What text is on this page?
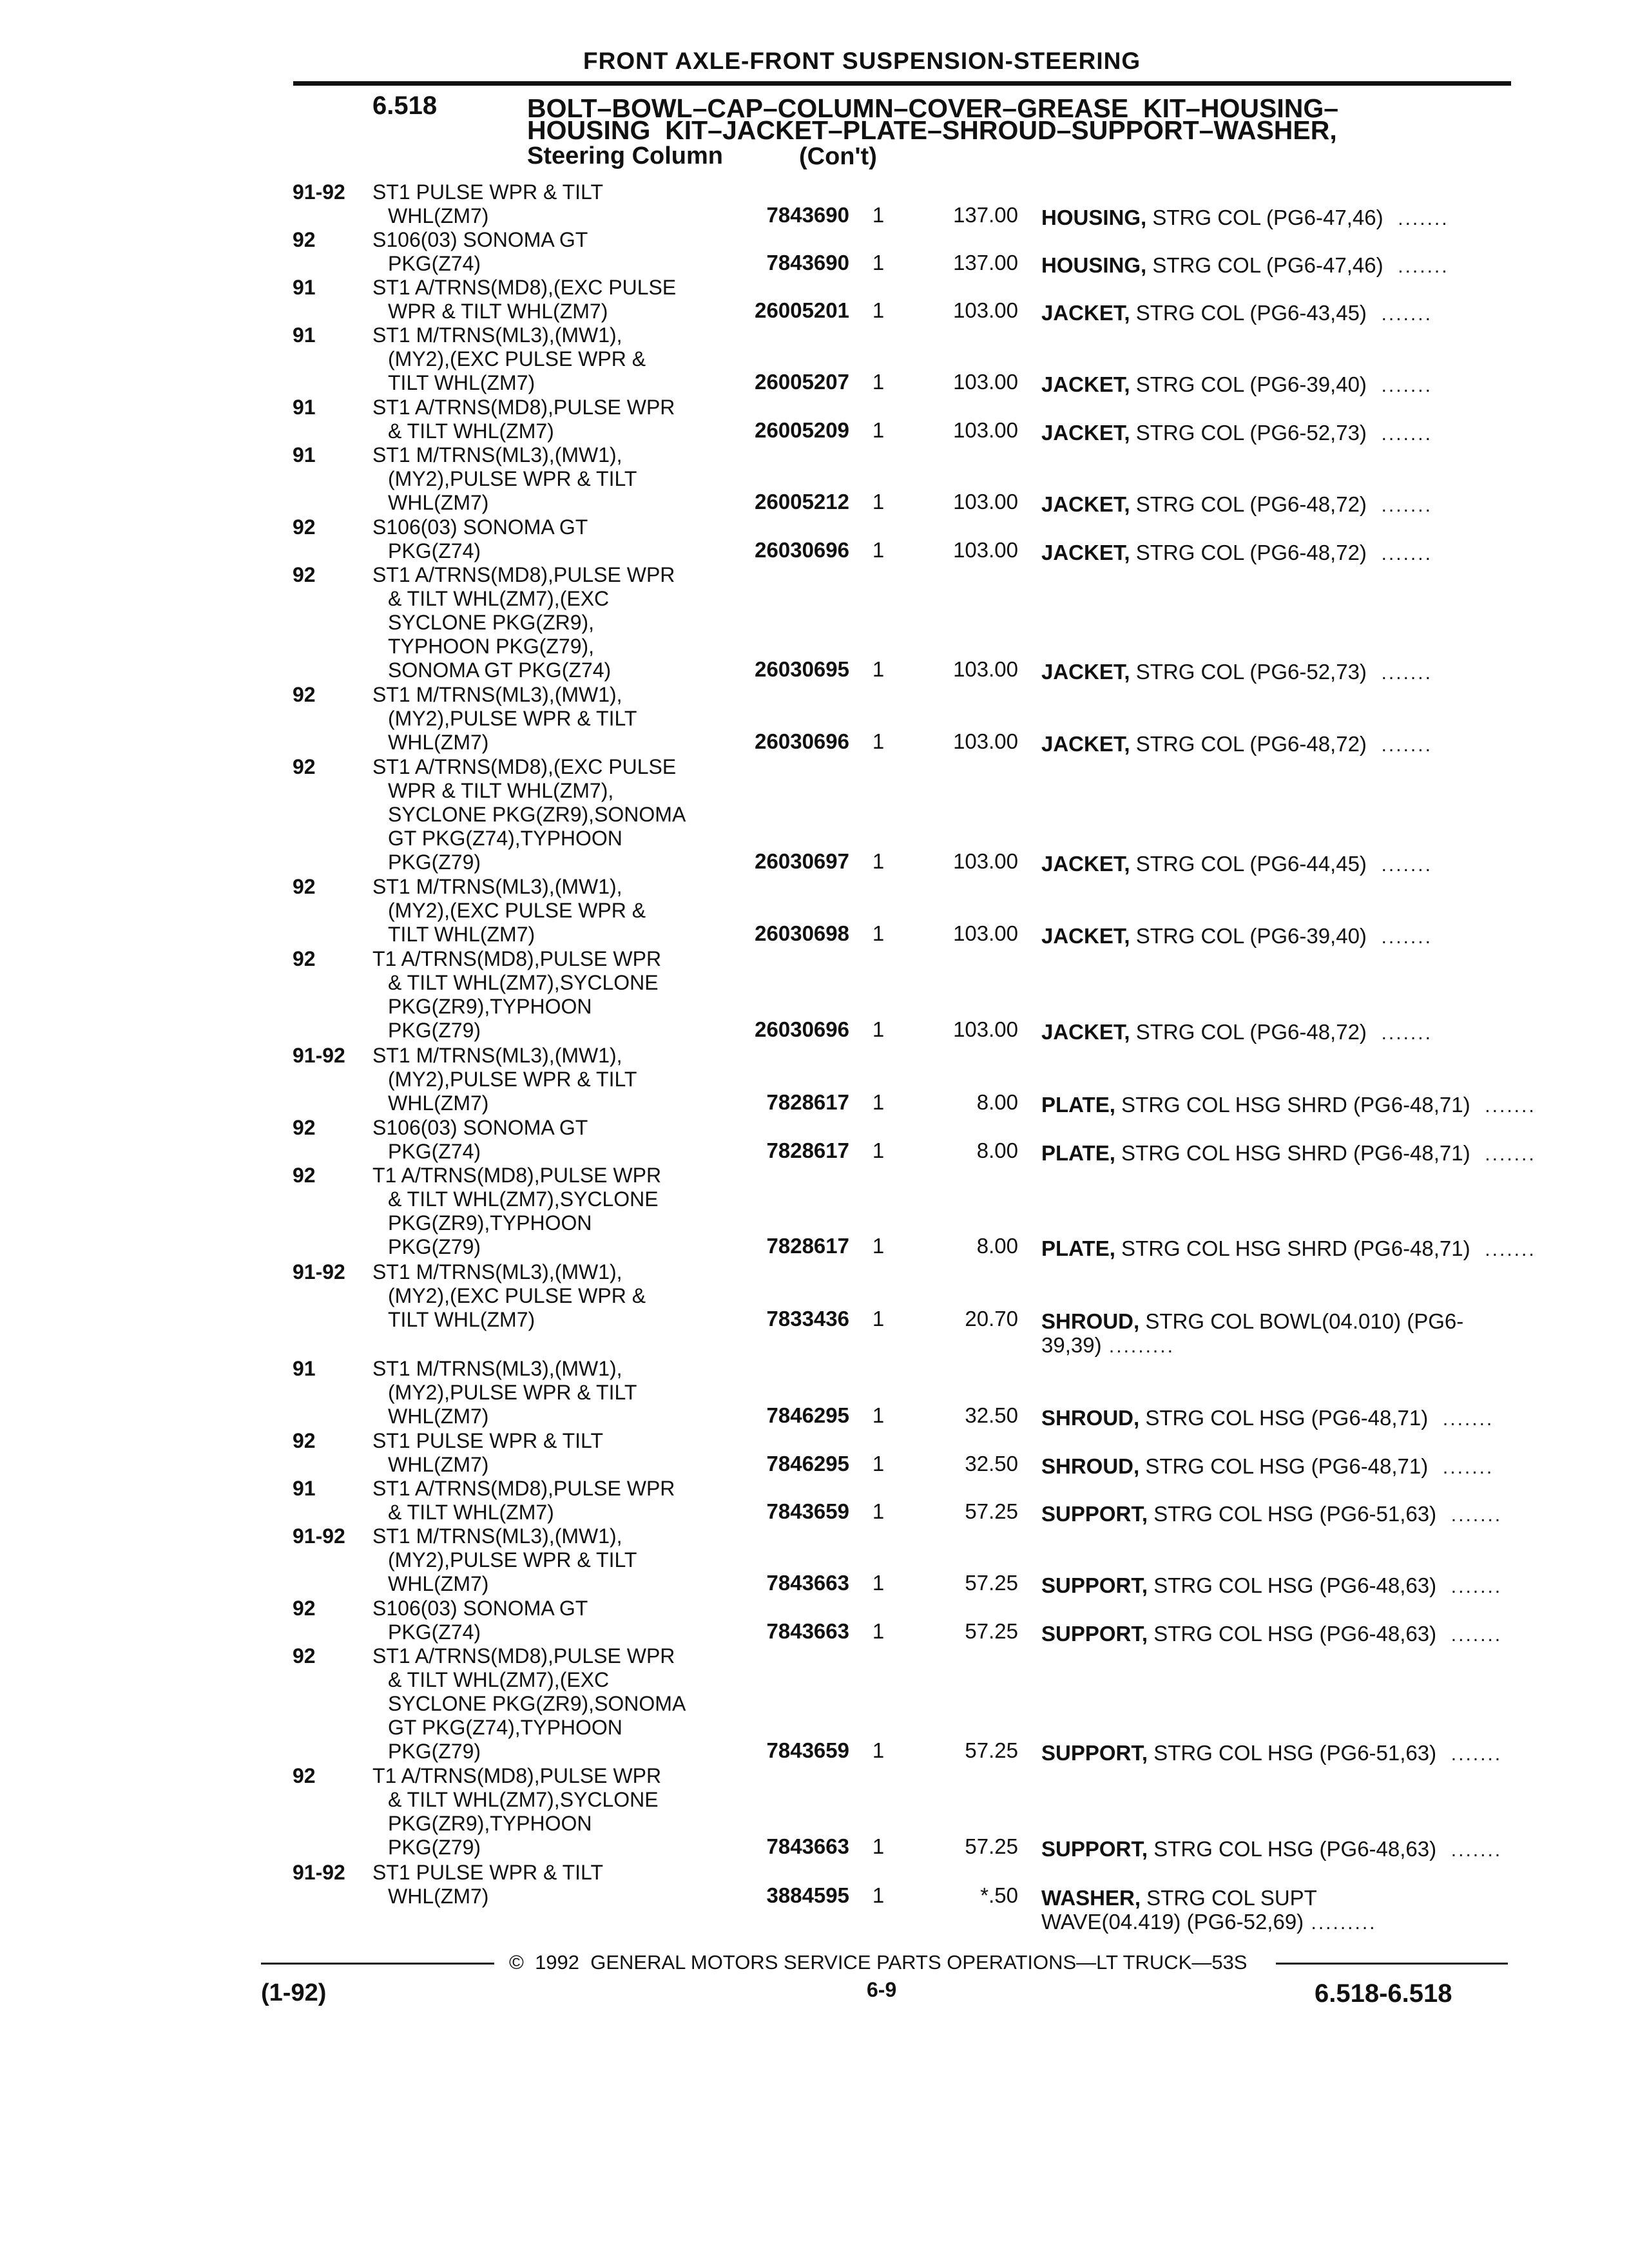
FRONT AXLE-FRONT SUSPENSION-STEERING
6.518	BOLT–BOWL–CAP–COLUMN–COVER–GREASE  KIT–HOUSING–
HOUSING  KIT–JACKET–PLATE–SHROUD–SUPPORT–WASHER,
Steering Column	(Con't)
91-92 ST1 PULSE WPR & TILT
WHL(ZM7)	7843690 1	137.00 HOUSING, STRG COL (PG6-47,46)  .......
92	S106(03) SONOMA GT
PKG(Z74)	7843690 1	137.00 HOUSING, STRG COL (PG6-47,46)  .......
91	ST1 A/TRNS(MD8),(EXC PULSE
WPR & TILT WHL(ZM7)	26005201 1	103.00 JACKET, STRG COL (PG6-43,45)  .......
91	ST1 M/TRNS(ML3),(MW1),
(MY2),(EXC PULSE WPR &
TILT WHL(ZM7)	26005207 1	103.00 JACKET, STRG COL (PG6-39,40)  .......
91	ST1 A/TRNS(MD8),PULSE WPR
& TILT WHL(ZM7)	26005209 1	103.00 JACKET, STRG COL (PG6-52,73)  .......
91	ST1 M/TRNS(ML3),(MW1),
(MY2),PULSE WPR & TILT
WHL(ZM7)	26005212 1	103.00 JACKET, STRG COL (PG6-48,72)  .......
92	S106(03) SONOMA GT
PKG(Z74)	26030696 1	103.00 JACKET, STRG COL (PG6-48,72)  .......
92	ST1 A/TRNS(MD8),PULSE WPR
& TILT WHL(ZM7),(EXC
SYCLONE PKG(ZR9),
TYPHOON PKG(Z79),
SONOMA GT PKG(Z74)	26030695 1	103.00 JACKET, STRG COL (PG6-52,73)  .......
92	ST1 M/TRNS(ML3),(MW1),
(MY2),PULSE WPR & TILT
WHL(ZM7)	26030696 1	103.00 JACKET, STRG COL (PG6-48,72)  .......
92	ST1 A/TRNS(MD8),(EXC PULSE
WPR & TILT WHL(ZM7),
SYCLONE PKG(ZR9),SONOMA
GT PKG(Z74),TYPHOON
PKG(Z79)	26030697 1	103.00 JACKET, STRG COL (PG6-44,45)  .......
92	ST1 M/TRNS(ML3),(MW1),
(MY2),(EXC PULSE WPR &
TILT WHL(ZM7)	26030698 1	103.00 JACKET, STRG COL (PG6-39,40)  .......
92	T1 A/TRNS(MD8),PULSE WPR
& TILT WHL(ZM7),SYCLONE
PKG(ZR9),TYPHOON
PKG(Z79)	26030696 1	103.00 JACKET, STRG COL (PG6-48,72)  .......
91-92 ST1 M/TRNS(ML3),(MW1),
(MY2),PULSE WPR & TILT
WHL(ZM7)	7828617 1	8.00 PLATE, STRG COL HSG SHRD (PG6-48,71)  .......
92	S106(03) SONOMA GT
PKG(Z74)	7828617 1	8.00 PLATE, STRG COL HSG SHRD (PG6-48,71)  .......
92	T1 A/TRNS(MD8),PULSE WPR
& TILT WHL(ZM7),SYCLONE
PKG(ZR9),TYPHOON
PKG(Z79)	7828617 1	8.00 PLATE, STRG COL HSG SHRD (PG6-48,71)  .......
91-92 ST1 M/TRNS(ML3),(MW1),
(MY2),(EXC PULSE WPR &
TILT WHL(ZM7)	7833436 1	20.70 SHROUD, STRG COL BOWL(04.010) (PG6-
39,39) .........
91	ST1 M/TRNS(ML3),(MW1),
(MY2),PULSE WPR & TILT
WHL(ZM7)	7846295 1	32.50 SHROUD, STRG COL HSG (PG6-48,71)  .......
92	ST1 PULSE WPR & TILT
WHL(ZM7)	7846295 1	32.50 SHROUD, STRG COL HSG (PG6-48,71)  .......
91	ST1 A/TRNS(MD8),PULSE WPR
& TILT WHL(ZM7)	7843659 1	57.25 SUPPORT, STRG COL HSG (PG6-51,63)  .......
91-92 ST1 M/TRNS(ML3),(MW1),
(MY2),PULSE WPR & TILT
WHL(ZM7)	7843663 1	57.25 SUPPORT, STRG COL HSG (PG6-48,63)  .......
92	S106(03) SONOMA GT
PKG(Z74)	7843663 1	57.25 SUPPORT, STRG COL HSG (PG6-48,63)  .......
92	ST1 A/TRNS(MD8),PULSE WPR
& TILT WHL(ZM7),(EXC
SYCLONE PKG(ZR9),SONOMA
GT PKG(Z74),TYPHOON
PKG(Z79)	7843659 1	57.25 SUPPORT, STRG COL HSG (PG6-51,63)  .......
92	T1 A/TRNS(MD8),PULSE WPR
& TILT WHL(ZM7),SYCLONE
PKG(ZR9),TYPHOON
PKG(Z79)	7843663 1	57.25 SUPPORT, STRG COL HSG (PG6-48,63)  .......
91-92 ST1 PULSE WPR & TILT
WHL(ZM7)	3884595 1	*.50 WASHER, STRG COL SUPT
WAVE(04.419) (PG6-52,69) .........
©  1992  GENERAL MOTORS SERVICE PARTS OPERATIONS—LT TRUCK—53S
6-9
(1-92)	6.518-6.518
